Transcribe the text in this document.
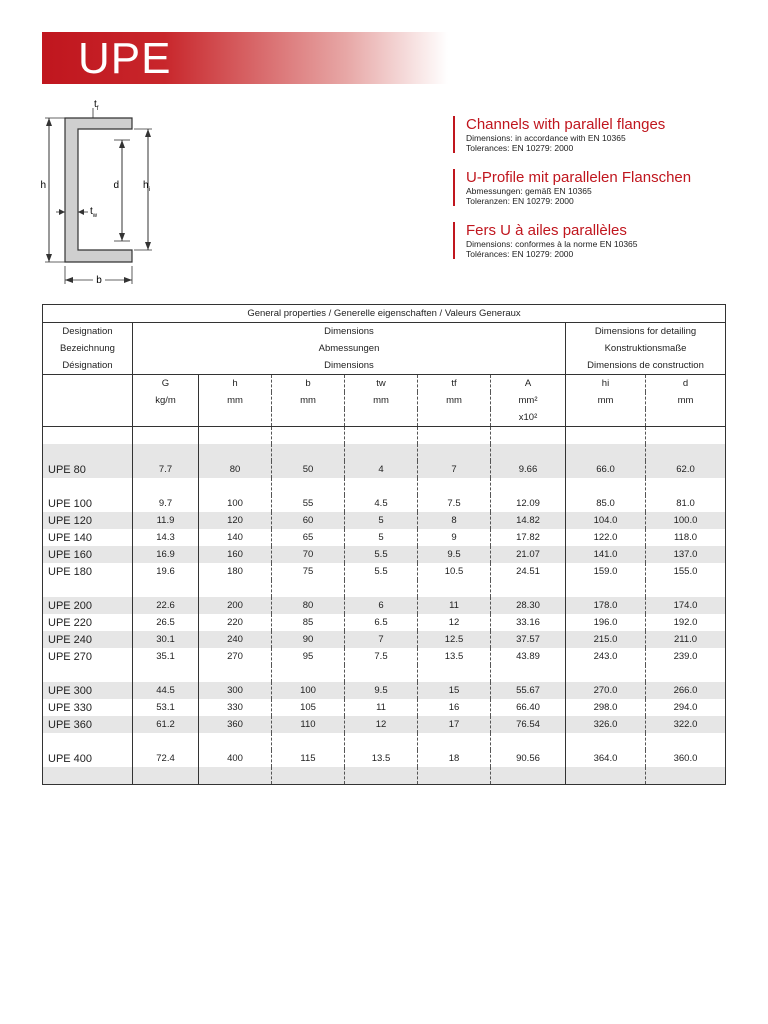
UPE
h	$h_i$
d
$t_f$
$t_w$
b
Channels with parallel flanges
Dimensions: in accordance with EN 10365
Tolerances: EN 10279: 2000
U-Profile mit parallelen Flanschen
Abmessungen: gemäß EN 10365
Toleranzen: EN 10279: 2000
Fers U à ailes parallèles
Dimensions: conformes à la norme EN 10365
Tolérances: EN 10279: 2000
General properties / Generelle eigenschaften / Valeurs Generaux								
Designation	Dimensions						Dimensions for detailing	
Bezeichnung	Abmessungen						Konstruktionsmaße	
Désignation	Dimensions						Dimensions de construction	
	G	h	b	tw	tf	A	hi	d
	kg/m	mm	mm	mm	mm	mm²	mm	mm
						x10²		

UPE 80	7.7	80	50	4	7	9.66	66.0	62.0

UPE 100	9.7	100	55	4.5	7.5	12.09	85.0	81.0
UPE 120	11.9	120	60	5	8	14.82	104.0	100.0
UPE 140	14.3	140	65	5	9	17.82	122.0	118.0
UPE 160	16.9	160	70	5.5	9.5	21.07	141.0	137.0
UPE 180	19.6	180	75	5.5	10.5	24.51	159.0	155.0

UPE 200	22.6	200	80	6	11	28.30	178.0	174.0
UPE 220	26.5	220	85	6.5	12	33.16	196.0	192.0
UPE 240	30.1	240	90	7	12.5	37.57	215.0	211.0
UPE 270	35.1	270	95	7.5	13.5	43.89	243.0	239.0

UPE 300	44.5	300	100	9.5	15	55.67	270.0	266.0
UPE 330	53.1	330	105	11	16	66.40	298.0	294.0
UPE 360	61.2	360	110	12	17	76.54	326.0	322.0

UPE 400	72.4	400	115	13.5	18	90.56	364.0	360.0
